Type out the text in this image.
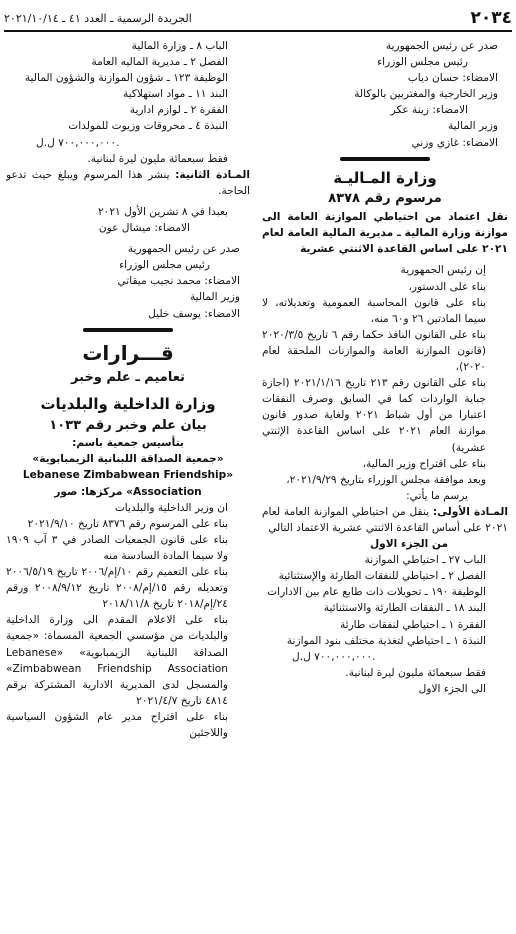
٢٠٣٤
الجريدة الرسمية ـ العدد ٤١ ـ ٢٠٢١/١٠/١٤

صدر عن رئيس الجمهورية

رئيس مجلس الوزراء

الامضاء: حسان دياب

وزير الخارجية والمغتربين بالوكالة

الامضاء: زينة عكر

وزير المالية

الامضاء: غازي وزني

وزارة المـاليـة

مرسوم رقم ٨٣٧٨

نقل اعتماد من احتياطي الموازنة العامة الى موازنة وزارة المالية ـ مديرية المالية العامة لعام ٢٠٢١ على اساس القاعدة الاثنتي عشرية

إن رئيس الجمهورية

بناء على الدستور،

بناء على قانون المحاسبة العمومية وتعديلاته، لا سيما المادتين ٢٦ و٦٠ منه،

بناء على القانون النافذ حكما رقم ٦ تاريخ ٢٠٢٠/٣/٥ (قانون الموازنة العامة والموازنات الملحقة لعام ٢٠٢٠)،

بناء على القانون رقم ٢١٣ تاريخ ٢٠٢١/١/١٦ (اجازة جباية الواردات كما في السابق وصرف النفقات اعتبارا من أول شباط ٢٠٢١ ولغاية صدور قانون موازنة العام ٢٠٢١ على اساس القاعدة الإثنتي عشرية)

بناء على اقتراح وزير المالية،

وبعد موافقة مجلس الوزراء بتاريخ ٢٠٢١/٩/٢٩،

يرسم ما يأتي:

المـادة الأولى: ينقل من احتياطي الموازنة العامة لعام ٢٠٢١ على أساس القاعدة الاثنتي عشرية الاعتماد التالي

من الجزء الاول

الباب ٢٧ ـ احتياطي الموازنة

الفصل ٢ ـ احتياطي للنفقات الطارئة والإستثنائية

الوظيفة ١٩٠ ـ تحويلات ذات طابع عام بين الادارات

البند ١٨ ـ النفقات الطارئة والاستثنائية

الفقرة ١ ـ احتياطي لنفقات طارئة

النبذة ١ ـ احتياطي لتغذية مختلف بنود الموازنة

٧٠٠,٠٠٠,٠٠٠ ل.ل.

فقط سبعمائة مليون ليرة لبنانية.

الى الجزء الاول

الباب ٨ ـ وزارة المالية

الفصل ٢ ـ مديرية الماليه العامة

الوظيفة ١٢٣ ـ شؤون الموازنة والشؤون المالية

البند ١١ ـ مواد استهلاكية

الفقرة ٢ ـ لوازم ادارية

النبذة ٤ ـ محروقات وزيوت للمولدات

٧٠٠,٠٠٠,٠٠٠ ل.ل.

فقط سبعمائة مليون ليرة لبنانية.

المـادة الثانية: ينشر هذا المرسوم ويبلغ حيث تدعو الحاجة.

بعبدا في ٨ تشرين الأول ٢٠٢١

الامضاء: ميشال عون

صدر عن رئيس الجمهورية

رئيس مجلس الوزراء

الامضاء: محمد نجيب ميقاتي

وزير المالية

الامضاء: يوسف خليل

قـــرارات

تعاميم ـ علم وخبر

وزارة الداخلية والبلديات

بيان علم وخبر رقم ١٠٣٣

بتأسيس جمعية باسم:

«جمعية الصداقة اللبنانية الزيمبابوية»

«Lebanese Zimbabwean Friendship Association» مركزها: صور

ان وزير الداخلية والبلديات

بناء على المرسوم رقم ٨٣٧٦ تاريخ ٢٠٢١/٩/١٠

بناء على قانون الجمعيات الصادر في ٣ آب ١٩٠٩ ولا سيما المادة السادسة منه

بناء على التعميم رقم ١٠/إم/٢٠٠٦ تاريخ ٢٠٠٦/٥/١٩ وتعديله رقم ١٥/إم/٢٠٠٨ تاريخ ٢٠٠٨/٩/١٢ ورقم ٢٤/إم/٢٠١٨ تاريخ ٢٠١٨/١١/٨

بناء على الاعلام المقدم الى وزارة الداخلية والبلديات من مؤسسي الجمعية المسماة: «جمعية الصداقة اللبنانية الزيمبابوية» «Lebanese Zimbabwean Friendship Association» والمسجل لدى المديرية الادارية المشتركة برقم ٤٨١٤ تاريخ ٢٠٢١/٤/٧

بناء على اقتراح مدير عام الشؤون السياسية واللاجئين
